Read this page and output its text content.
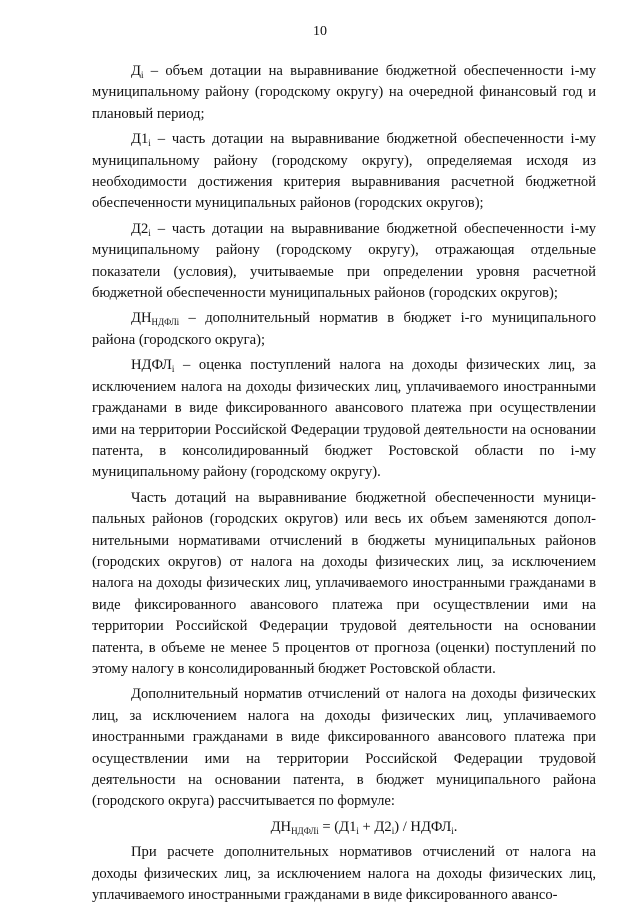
10

$Д_i$ – объем дотации на выравнивание бюджетной обеспеченности i-му муниципальному району (городскому округу) на очередной финансовый год и плановый период;

$Д1_i$ – часть дотации на выравнивание бюджетной обеспеченности i-му муниципальному району (городскому округу), определяемая исходя из необходимости достижения критерия выравнивания расчетной бюджетной обеспеченности муниципальных районов (городских округов);

$Д2_i$ – часть дотации на выравнивание бюджетной обеспеченности i-му муниципальному району (городскому округу), отражающая отдельные показатели (условия), учитываемые при определении уровня расчетной бюджетной обеспеченности муниципальных районов (городских округов);

$ДН_{НДФЛi}$ – дополнительный норматив в бюджет i-го муниципального района (городского округа);

$НДФЛ_i$ – оценка поступлений налога на доходы физических лиц, за исключением налога на доходы физических лиц, уплачиваемого иностранными гражданами в виде фиксированного авансового платежа при осуществлении ими на территории Российской Федерации трудовой деятельности на основании патента, в консолидированный бюджет Ростовской области по i-му муниципальному району (городскому округу).

Часть дотаций на выравнивание бюджетной обеспеченности муниципальных районов (городских округов) или весь их объем заменяются дополнительными нормативами отчислений в бюджеты муниципальных районов (городских округов) от налога на доходы физических лиц, за исключением налога на доходы физических лиц, уплачиваемого иностранными гражданами в виде фиксированного авансового платежа при осуществлении ими на территории Российской Федерации трудовой деятельности на основании патента, в объеме не менее 5 процентов от прогноза (оценки) поступлений по этому налогу в консолидированный бюджет Ростовской области.

Дополнительный норматив отчислений от налога на доходы физических лиц, за исключением налога на доходы физических лиц, уплачиваемого иностранными гражданами в виде фиксированного авансового платежа при осуществлении ими на территории Российской Федерации трудовой деятельности на основании патента, в бюджет муниципального района (городского округа) рассчитывается по формуле:

$ДН_{НДФЛi} = (Д1_i + Д2_i)$ / $НДФЛ_i$.

При расчете дополнительных нормативов отчислений от налога на доходы физических лиц, за исключением налога на доходы физических лиц, уплачиваемого иностранными гражданами в виде фиксированного авансо-
